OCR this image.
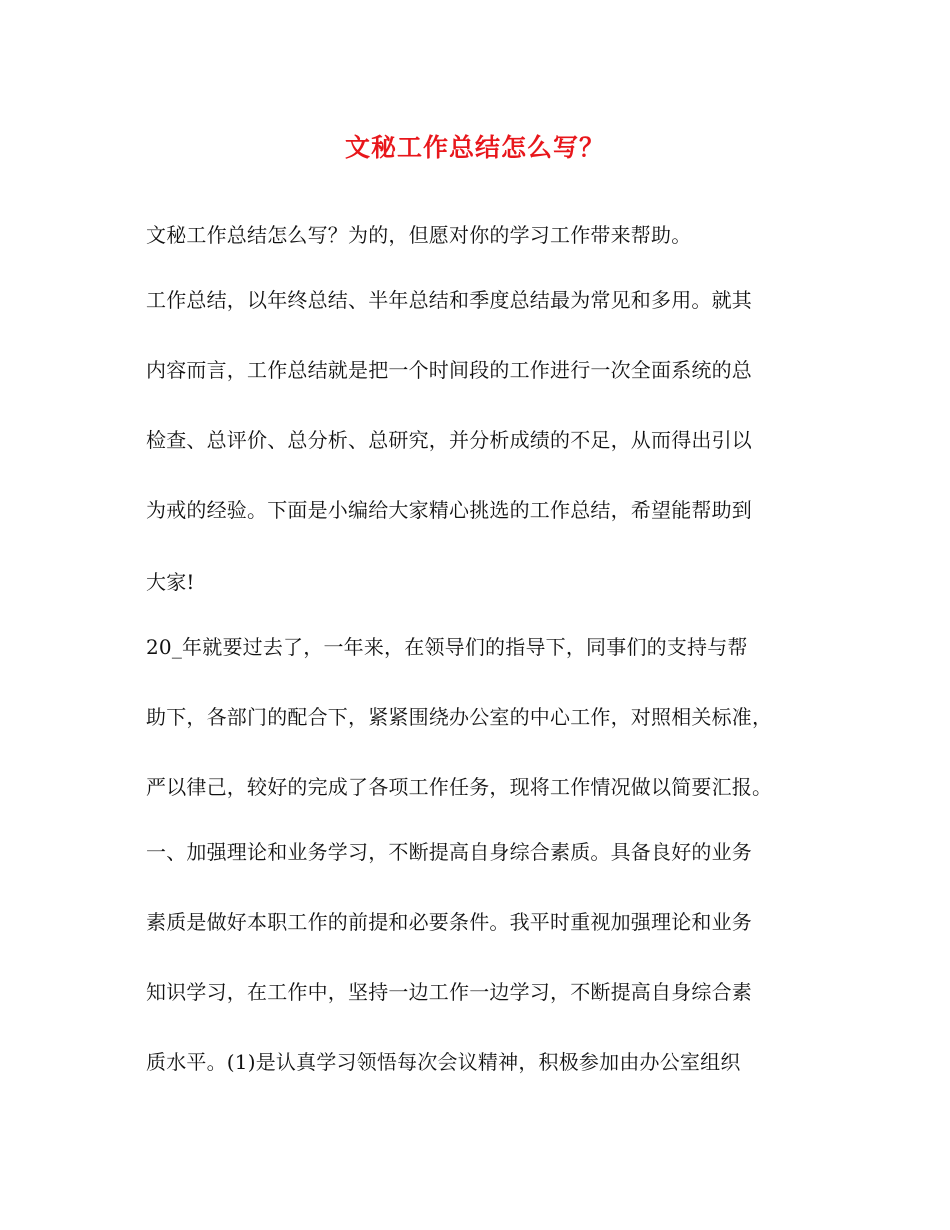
文秘工作总结怎么写？
文秘工作总结怎么写？为的，但愿对你的学习工作带来帮助。
工作总结，以年终总结、半年总结和季度总结最为常见和多用。就其
内容而言，工作总结就是把一个时间段的工作进行一次全面系统的总
检查、总评价、总分析、总研究，并分析成绩的不足，从而得出引以
为戒的经验。下面是小编给大家精心挑选的工作总结，希望能帮助到
大家!
20_年就要过去了，一年来，在领导们的指导下，同事们的支持与帮
助下，各部门的配合下，紧紧围绕办公室的中心工作，对照相关标准，
严以律己，较好的完成了各项工作任务，现将工作情况做以简要汇报。
一、加强理论和业务学习，不断提高自身综合素质。具备良好的业务
素质是做好本职工作的前提和必要条件。我平时重视加强理论和业务
知识学习，在工作中，坚持一边工作一边学习，不断提高自身综合素
质水平。(1)是认真学习领悟每次会议精神，积极参加由办公室组织
